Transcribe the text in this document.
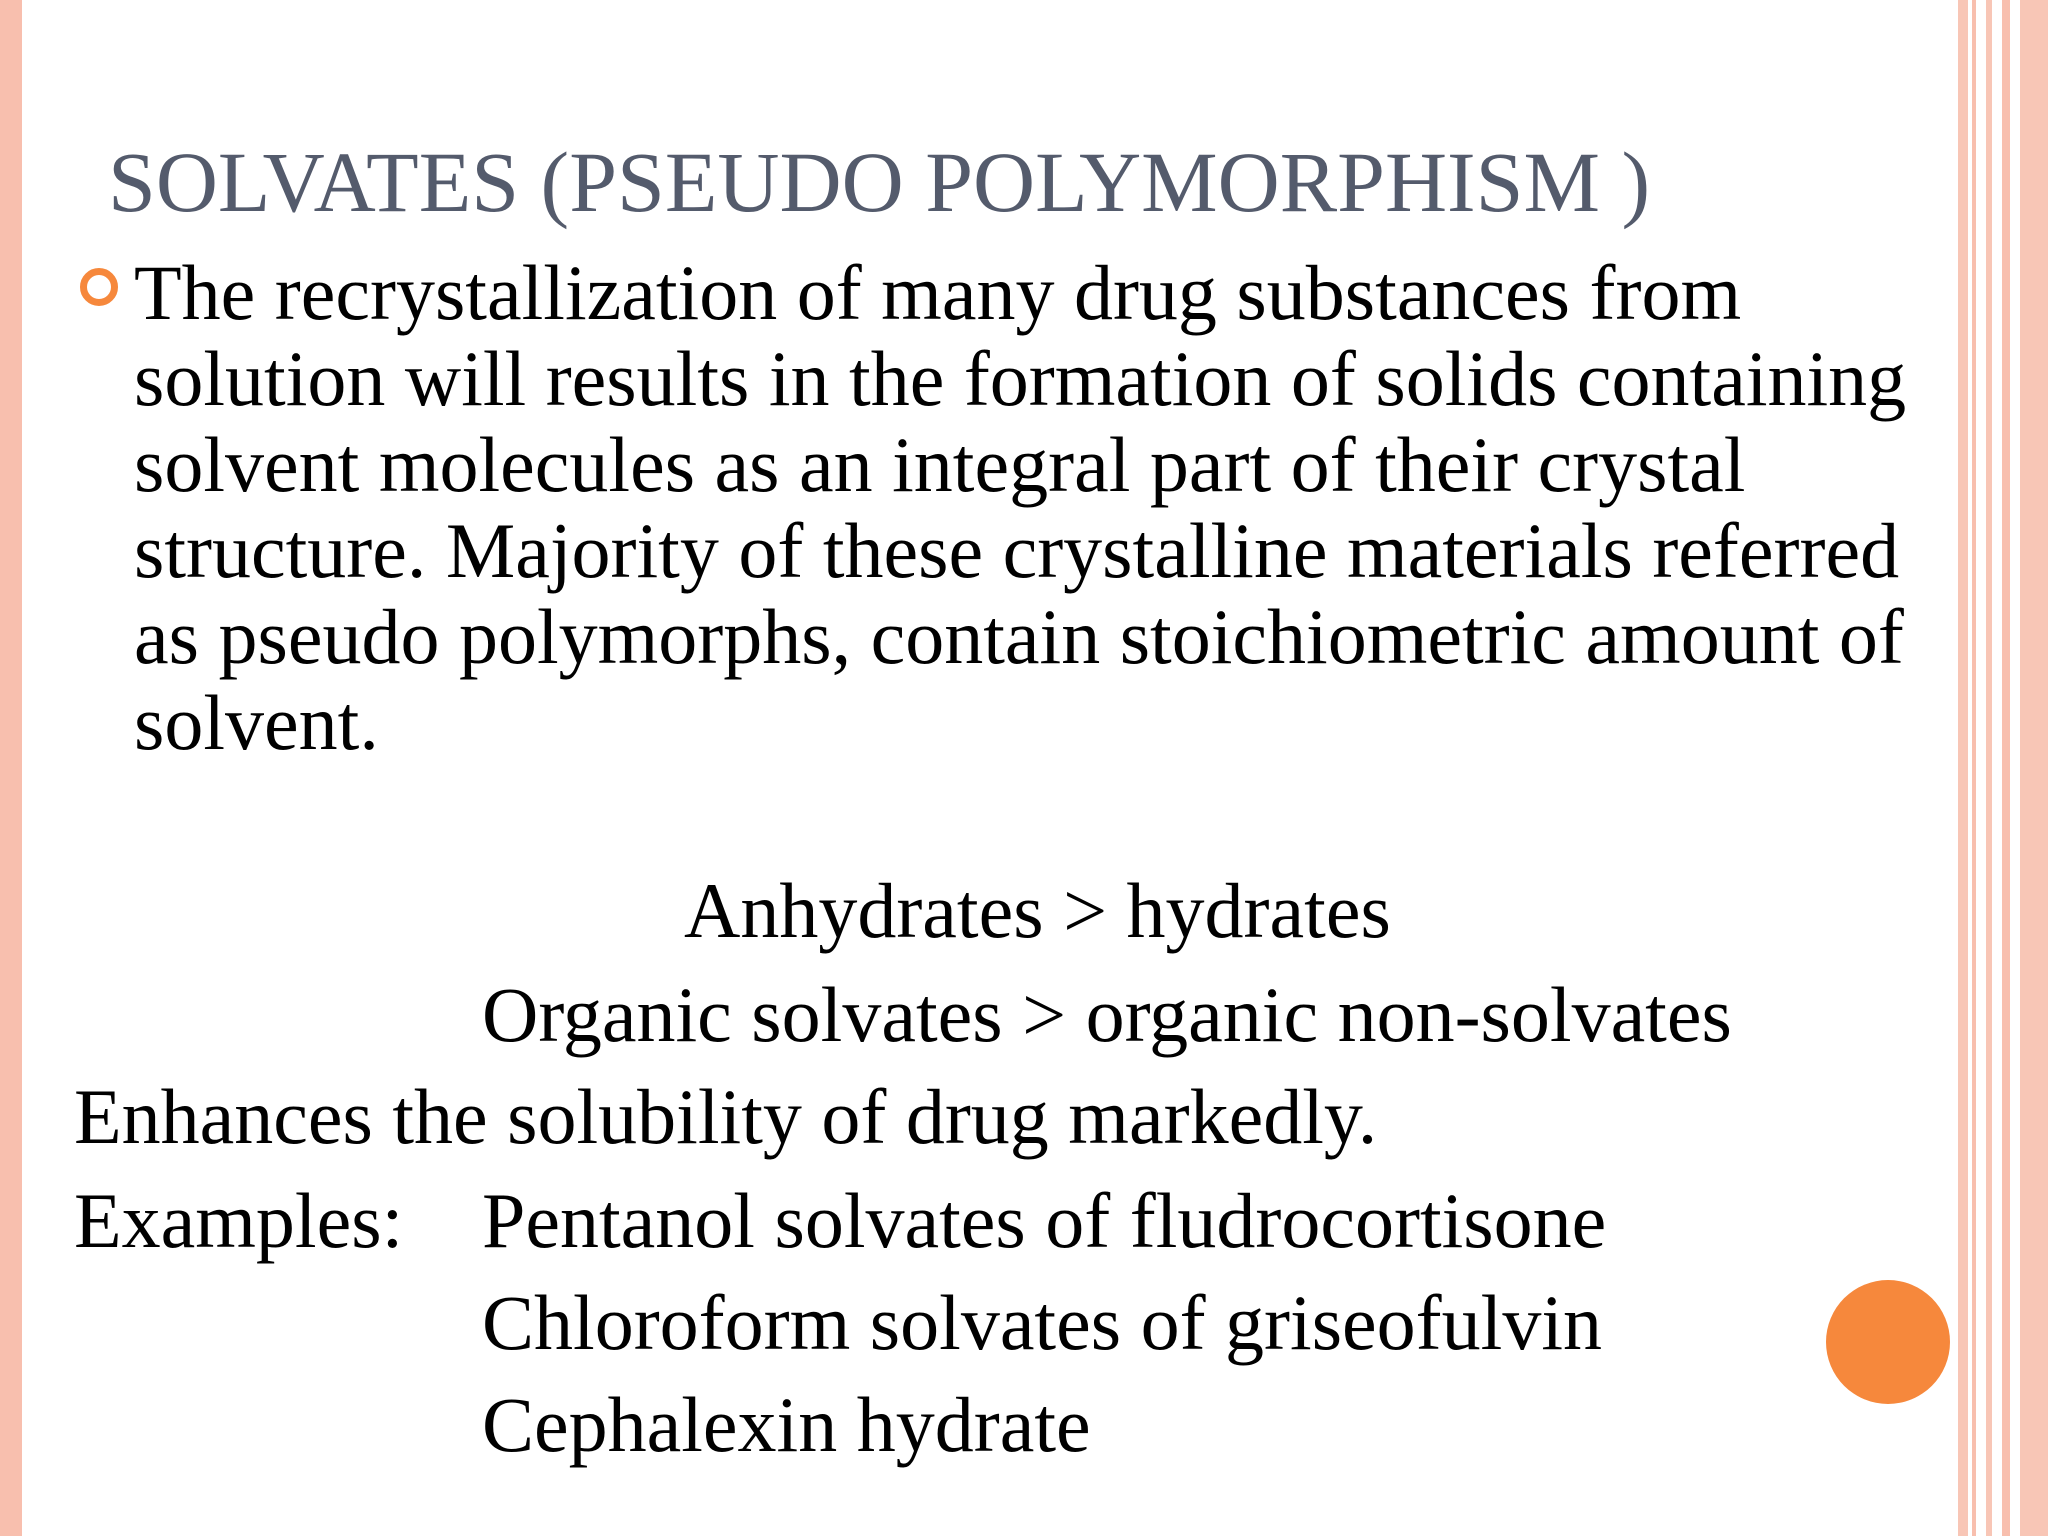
SOLVATES (PSEUDO POLYMORPHISM )

The recrystallization of many drug substances from solution will results in the formation of solids containing solvent molecules as an integral part of their crystal structure. Majority of these crystalline materials referred as pseudo polymorphs, contain stoichiometric amount of solvent.

Anhydrates > hydrates

Organic solvates > organic non-solvates

Enhances the solubility of drug markedly.

Examples: Pentanol solvates of fludrocortisone

Chloroform solvates of griseofulvin

Cephalexin hydrate
